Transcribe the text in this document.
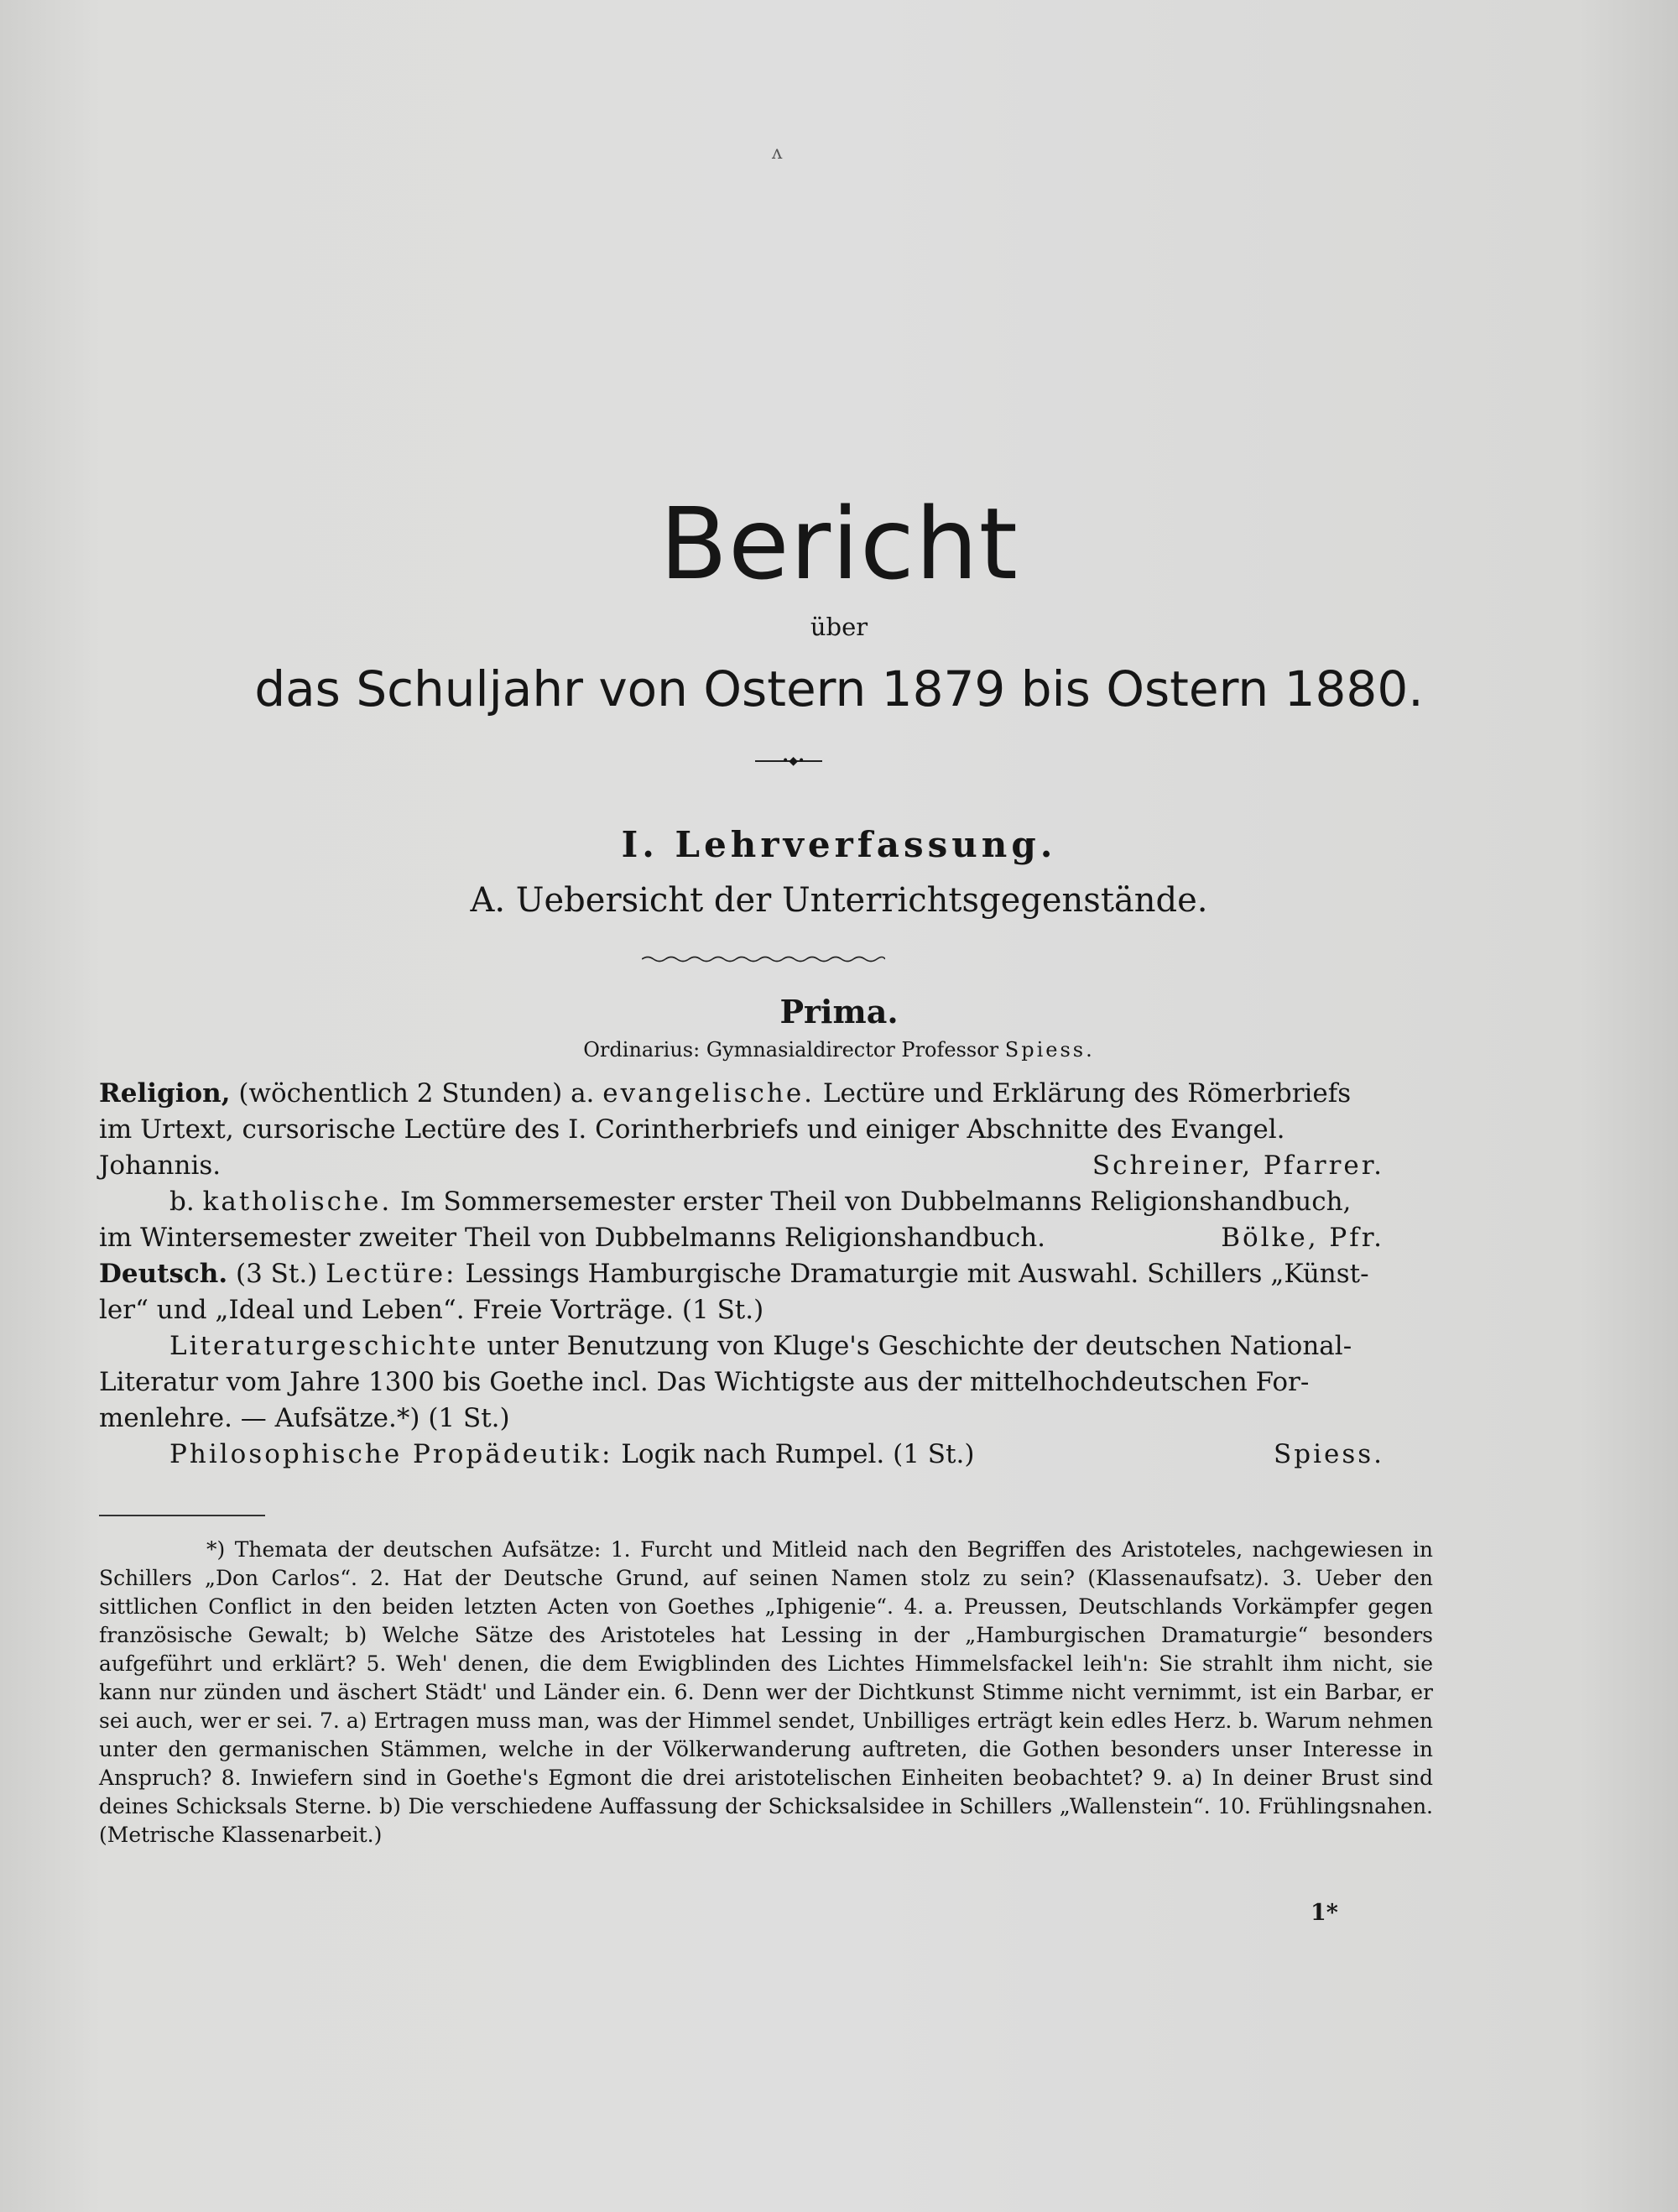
ᴧ
Bericht
über
das Schuljahr von Ostern 1879 bis Ostern 1880.
•◆•
I. Lehrverfassung.
A. Uebersicht der Unterrichtsgegenstände.
Prima.
Ordinarius: Gymnasialdirector Professor Spiess.

Religion, (wöchentlich 2 Stunden) a. evangelische. Lectüre und Erklärung des Römerbriefs

im Urtext, cursorische Lectüre des I. Corintherbriefs und einiger Abschnitte des Evangel.

Johannis.	Schreiner, Pfarrer.

b. katholische. Im Sommersemester erster Theil von Dubbelmanns Religionshandbuch,

im Wintersemester zweiter Theil von Dubbelmanns Religionshandbuch.	Bölke, Pfr.

Deutsch. (3 St.) Lectüre: Lessings Hamburgische Dramaturgie mit Auswahl. Schillers „Künst-

ler“ und „Ideal und Leben“. Freie Vorträge. (1 St.)

Literaturgeschichte unter Benutzung von Kluge's Geschichte der deutschen National-

Literatur vom Jahre 1300 bis Goethe incl. Das Wichtigste aus der mittelhochdeutschen For-

menlehre. — Aufsätze.*) (1 St.)

Philosophische Propädeutik: Logik nach Rumpel. (1 St.)	Spiess.

*) Themata der deutschen Aufsätze: 1. Furcht und Mitleid nach den Begriffen des Aristoteles, nachgewiesen in Schillers „Don Carlos“. 2. Hat der Deutsche Grund, auf seinen Namen stolz zu sein? (Klassenaufsatz). 3. Ueber den sittlichen Conflict in den beiden letzten Acten von Goethes „Iphigenie“. 4. a. Preussen, Deutschlands Vorkämpfer gegen französische Gewalt; b) Welche Sätze des Aristoteles hat Lessing in der „Hamburgischen Dramaturgie“ besonders aufgeführt und erklärt? 5. Weh' denen, die dem Ewigblinden des Lichtes Himmelsfackel leih'n: Sie strahlt ihm nicht, sie kann nur zünden und äschert Städt' und Länder ein. 6. Denn wer der Dichtkunst Stimme nicht vernimmt, ist ein Barbar, er sei auch, wer er sei. 7. a) Ertragen muss man, was der Himmel sendet, Unbilliges erträgt kein edles Herz. b. Warum nehmen unter den germanischen Stämmen, welche in der Völkerwanderung auftreten, die Gothen besonders unser Interesse in Anspruch? 8. Inwiefern sind in Goethe's Egmont die drei aristotelischen Einheiten beobachtet? 9. a) In deiner Brust sind deines Schicksals Sterne. b) Die verschiedene Auffassung der Schicksalsidee in Schillers „Wallenstein“. 10. Frühlingsnahen. (Metrische Klassenarbeit.)

1*
